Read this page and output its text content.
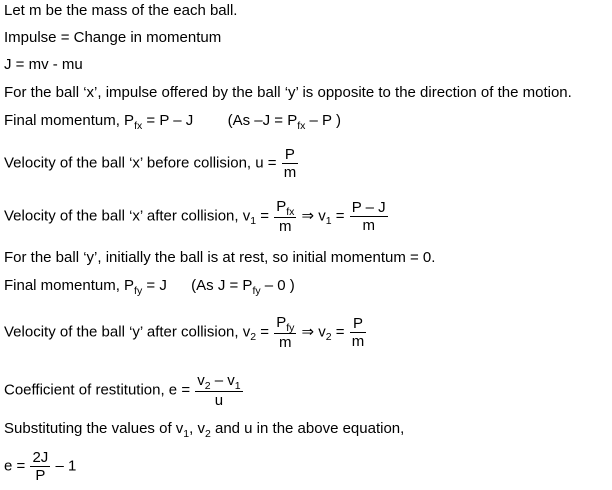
Let m be the mass of the each ball.
Impulse = Change in momentum
J = mv - mu
For the ball ‘x’, impulse offered by the ball ‘y’ is opposite to the direction of the motion.
Final momentum, $P_{fx} = P - J$ (As $-J = P_{fx} - P$ )
Velocity of the ball ‘x’ before collision, $u = \frac{P}{m}$
Velocity of the ball ‘x’ after collision, $v_1 = \frac{P_{fx}}{m}$ ⇒ $v_1 = \frac{P - J}{m}$
For the ball ‘y’, initially the ball is at rest, so initial momentum = 0.
Final momentum, $P_{fy} = J$ (As $J = P_{fy} - 0$ )
Velocity of the ball ‘y’ after collision, $v_2 = \frac{P_{fy}}{m}$ ⇒ $v_2 = \frac{P}{m}$
Coefficient of restitution, $e = \frac{v_2 - v_1}{u}$
Substituting the values of $v_1$, $v_2$ and u in the above equation,
$e = \frac{2J}{P} - 1$
